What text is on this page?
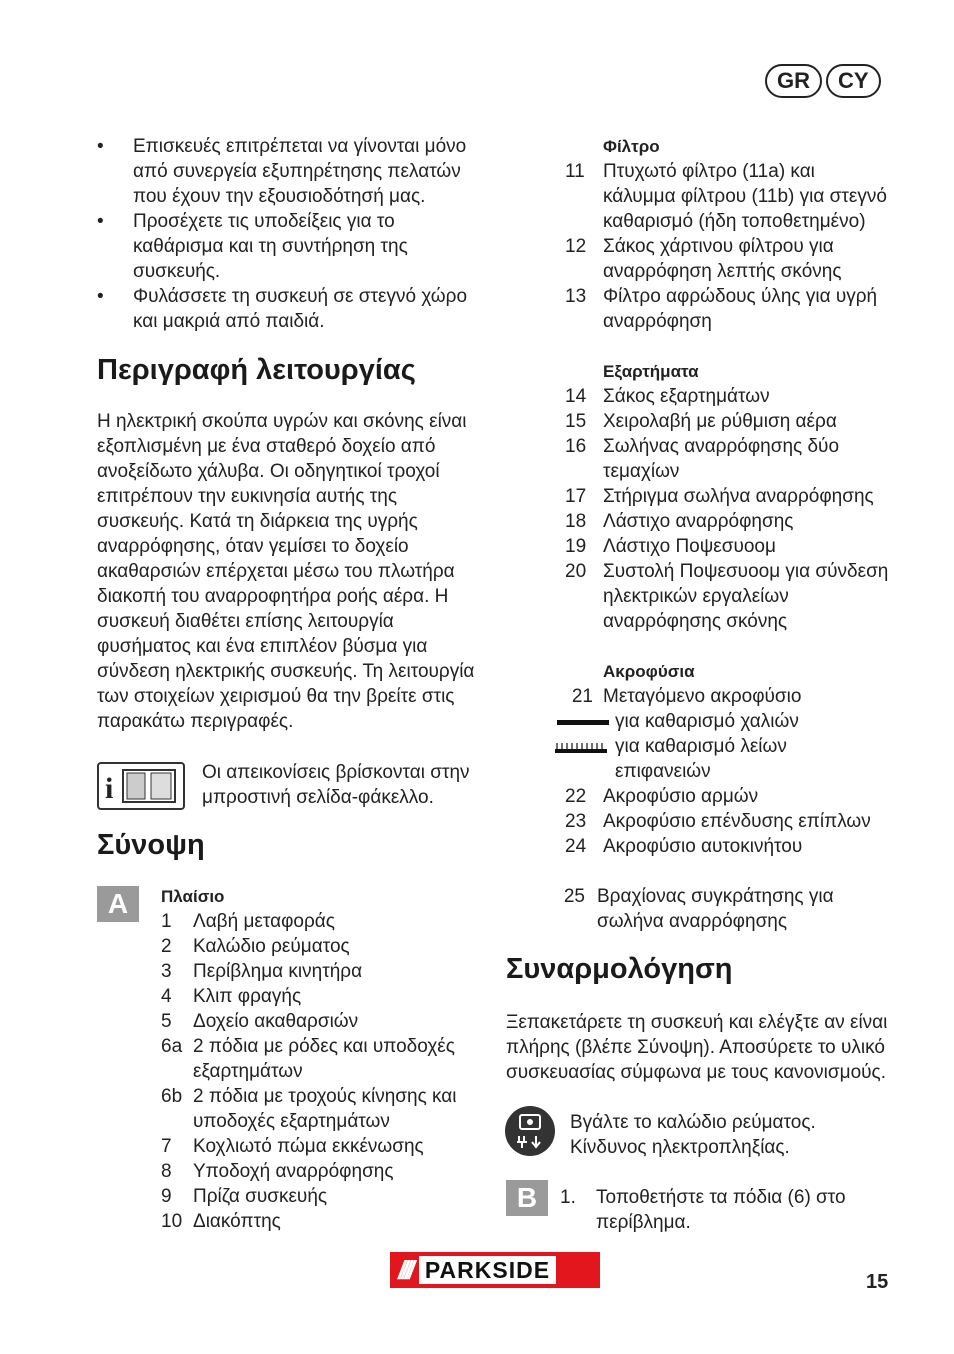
GR	CY
•	Επισκευές επιτρέπεται να γίνονται μόνο από συνεργεία εξυπηρέτησης πελατών που έχουν την εξουσιοδότησή μας.
•	Προσέχετε τις υποδείξεις για το καθάρισμα και τη συντήρηση της συσκευής.
•	Φυλάσσετε τη συσκευή σε στεγνό χώρο και μακριά από παιδιά.
Περιγραφή λειτουργίας

Η ηλεκτρική σκούπα υγρών και σκόνης είναι εξοπλισμένη με ένα σταθερό δοχείο από ανοξείδωτο χάλυβα. Οι οδηγητικοί τροχοί επιτρέπουν την ευκινησία αυτής της συσκευής. Κατά τη διάρκεια της υγρής αναρρόφησης, όταν γεμίσει το δοχείο ακαθαρσιών επέρχεται μέσω του πλωτήρα διακοπή του αναρροφητήρα ροής αέρα. Η συσκευή διαθέτει επίσης λειτουργία φυσήματος και ένα επιπλέον βύσμα για σύνδεση ηλεκτρικής συσκευής. Τη λειτουργία των στοιχείων χειρισμού θα την βρείτε στις παρακάτω περιγραφές.

i	Οι απεικονίσεις βρίσκονται στην μπροστινή σελίδα-φάκελλο.

Σύνοψη
A	Πλαίσιο
1	Λαβή μεταφοράς
2	Καλώδιο ρεύματος
3	Περίβλημα κινητήρα
4	Κλιπ φραγής
5	Δοχείο ακαθαρσιών
6a 2 πόδια με ρόδες και υποδοχές εξαρτημάτων
6b 2 πόδια με τροχούς κίνησης και υποδοχές εξαρτημάτων
7	Κοχλιωτό πώμα εκκένωσης
8	Υποδοχή αναρρόφησης
9	Πρίζα συσκευής
10 Διακόπτης
Φίλτρο
11 Πτυχωτό φίλτρο (11a) και κάλυμμα φίλτρου (11b) για στεγνό καθαρισμό (ήδη τοποθετημένο)
12 Σάκος χάρτινου φίλτρου για αναρρόφηση λεπτής σκόνης
13 Φίλτρο αφρώδους ύλης για υγρή αναρρόφηση
Εξαρτήματα
14 Σάκος εξαρτημάτων
15 Χειρολαβή με ρύθμιση αέρα
16 Σωλήνας αναρρόφησης δύο τεμαχίων
17 Στήριγμα σωλήνα αναρρόφησης
18 Λάστιχο αναρρόφησης
19 Λάστιχο Ποψεσυοομ
20 Συστολή Ποψεσυοομ για σύνδεση ηλεκτρικών εργαλείων αναρρόφησης σκόνης
Ακροφύσια
21 Μεταγόμενο ακροφύσιο
για καθαρισμό χαλιών
για καθαρισμό λείων επιφανειών
22 Ακροφύσιο αρμών
23 Ακροφύσιο επένδυσης επίπλων
24 Ακροφύσιο αυτοκινήτου
25 Βραχίονας συγκράτησης για σωλήνα αναρρόφησης
Συναρμολόγηση

Ξεπακετάρετε τη συσκευή και ελέγξτε αν είναι πλήρης (βλέπε Σύνοψη). Αποσύρετε το υλικό συσκευασίας σύμφωνα με τους κανονισμούς.

Βγάλτε το καλώδιο ρεύματος. Κίνδυνος ηλεκτροπληξίας.

B	1.	Τοποθετήστε τα πόδια (6) στο περίβλημα.
//// PARKSIDE	15
